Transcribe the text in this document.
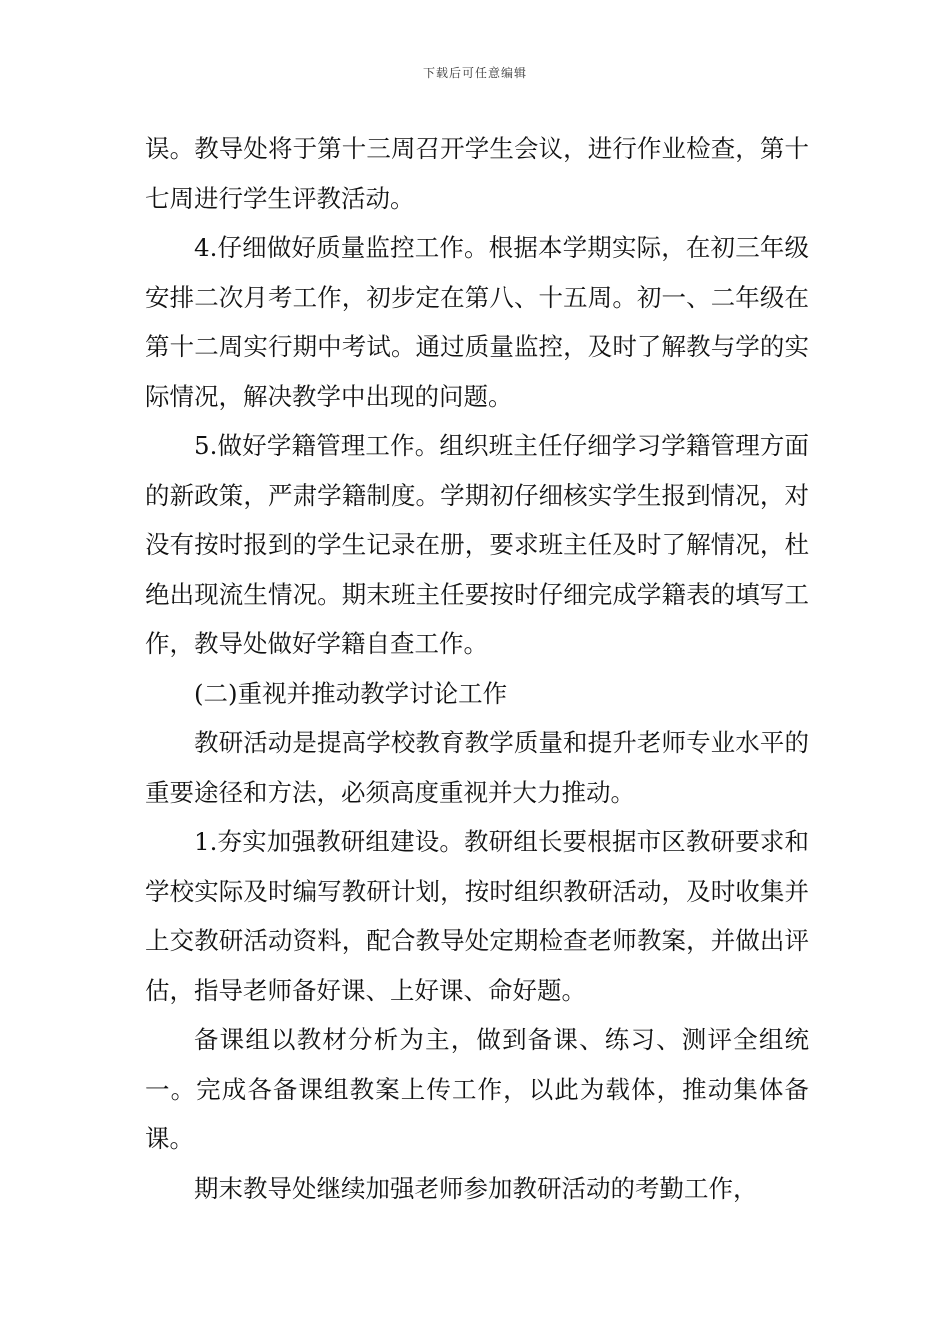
下载后可任意编辑

误。教导处将于第十三周召开学生会议，进行作业检查，第十七周进行学生评教活动。

4.仔细做好质量监控工作。根据本学期实际，在初三年级安排二次月考工作，初步定在第八、十五周。初一、二年级在第十二周实行期中考试。通过质量监控，及时了解教与学的实际情况，解决教学中出现的问题。

5.做好学籍管理工作。组织班主任仔细学习学籍管理方面的新政策，严肃学籍制度。学期初仔细核实学生报到情况，对没有按时报到的学生记录在册，要求班主任及时了解情况，杜绝出现流生情况。期末班主任要按时仔细完成学籍表的填写工作，教导处做好学籍自查工作。

(二)重视并推动教学讨论工作

教研活动是提高学校教育教学质量和提升老师专业水平的重要途径和方法，必须高度重视并大力推动。

1.夯实加强教研组建设。教研组长要根据市区教研要求和学校实际及时编写教研计划，按时组织教研活动，及时收集并上交教研活动资料，配合教导处定期检查老师教案，并做出评估，指导老师备好课、上好课、命好题。

备课组以教材分析为主，做到备课、练习、测评全组统一。完成各备课组教案上传工作，以此为载体，推动集体备课。

期末教导处继续加强老师参加教研活动的考勤工作，
